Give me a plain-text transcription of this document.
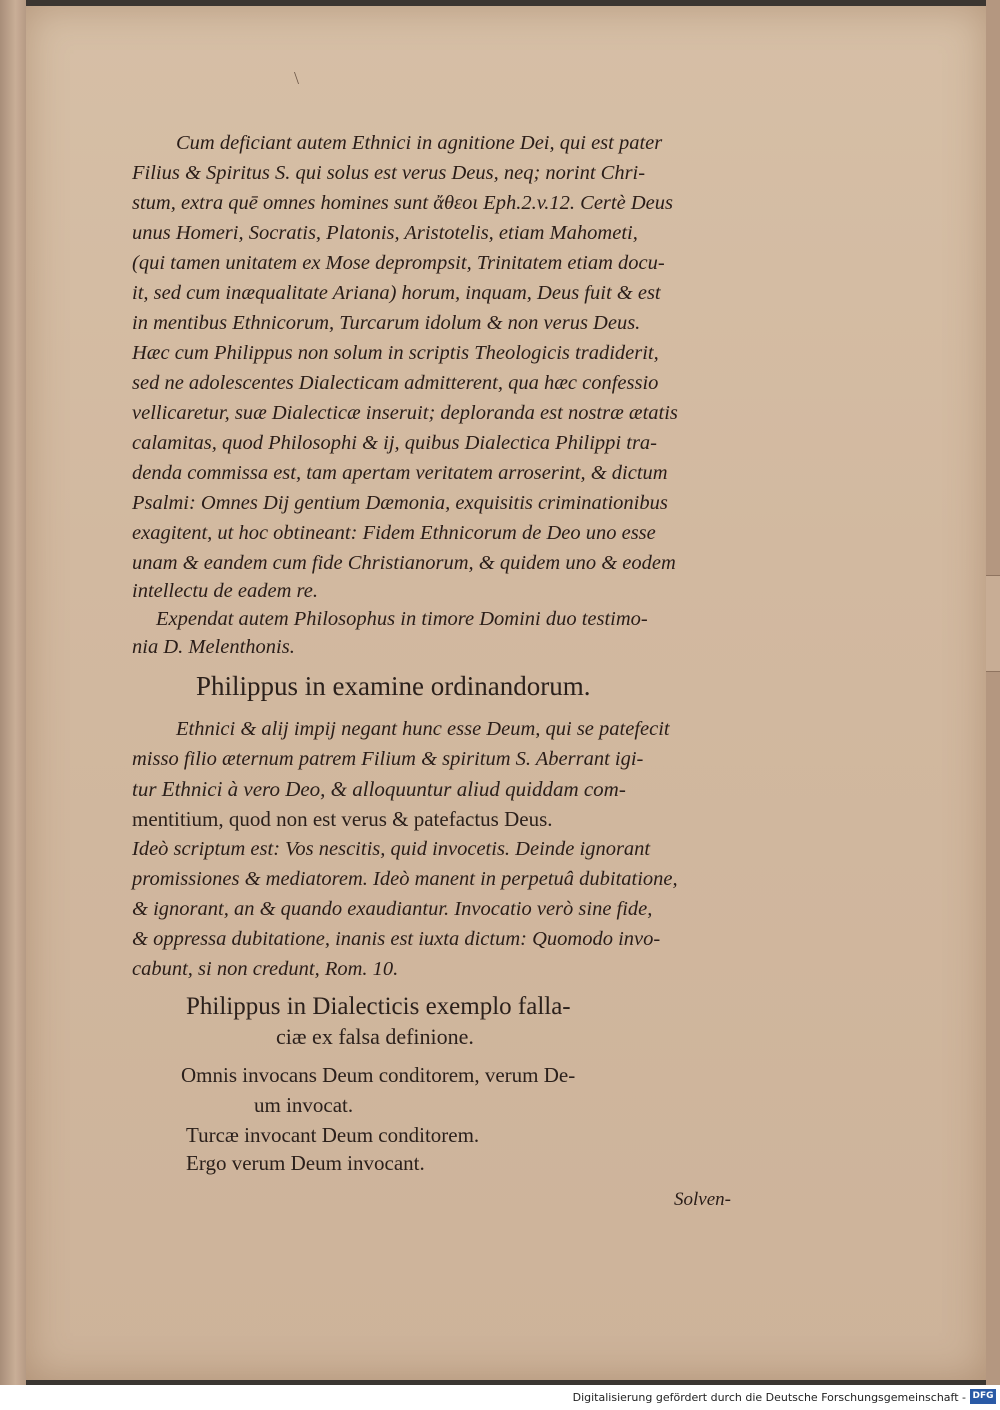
\
Cum deficiant autem Ethnici in agnitione Dei, qui est pater
Filius & Spiritus S. qui solus est verus Deus, neq; norint Chri-
stum, extra quē omnes homines sunt ἄθεοι Eph.2.v.12. Certè Deus
unus Homeri, Socratis, Platonis, Aristotelis, etiam Mahometi,
(qui tamen unitatem ex Mose deprompsit, Trinitatem etiam docu-
it, sed cum inæqualitate Ariana) horum, inquam, Deus fuit & est
in mentibus Ethnicorum, Turcarum idolum & non verus Deus.
Hæc cum Philippus non solum in scriptis Theologicis tradiderit,
sed ne adolescentes Dialecticam admitterent, qua hæc confessio
vellicaretur, suæ Dialecticæ inseruit; deploranda est nostræ ætatis
calamitas, quod Philosophi & ij, quibus Dialectica Philippi tra-
denda commissa est, tam apertam veritatem arroserint, & dictum
Psalmi: Omnes Dij gentium Dæmonia, exquisitis criminationibus
exagitent, ut hoc obtineant: Fidem Ethnicorum de Deo uno esse
unam & eandem cum fide Christianorum, & quidem uno & eodem
intellectu de eadem re.
Expendat autem Philosophus in timore Domini duo testimo-
nia D. Melenthonis.
Philippus in examine ordinandorum.
Ethnici & alij impij negant hunc esse Deum, qui se patefecit
misso filio æternum patrem Filium & spiritum S. Aberrant igi-
tur Ethnici à vero Deo, & alloquuntur aliud quiddam com-
mentitium, quod non est verus & patefactus Deus.
Ideò scriptum est: Vos nescitis, quid invocetis. Deinde ignorant
promissiones & mediatorem. Ideò manent in perpetuâ dubitatione,
& ignorant, an & quando exaudiantur. Invocatio verò sine fide,
& oppressa dubitatione, inanis est iuxta dictum: Quomodo invo-
cabunt, si non credunt, Rom. 10.
Philippus in Dialecticis exemplo falla-
ciæ ex falsa definione.
Omnis invocans Deum conditorem, verum De-
um invocat.
Turcæ invocant Deum conditorem.
Ergo verum Deum invocant.
Solven-
Digitalisierung gefördert durch die Deutsche Forschungsgemeinschaft - DFG
